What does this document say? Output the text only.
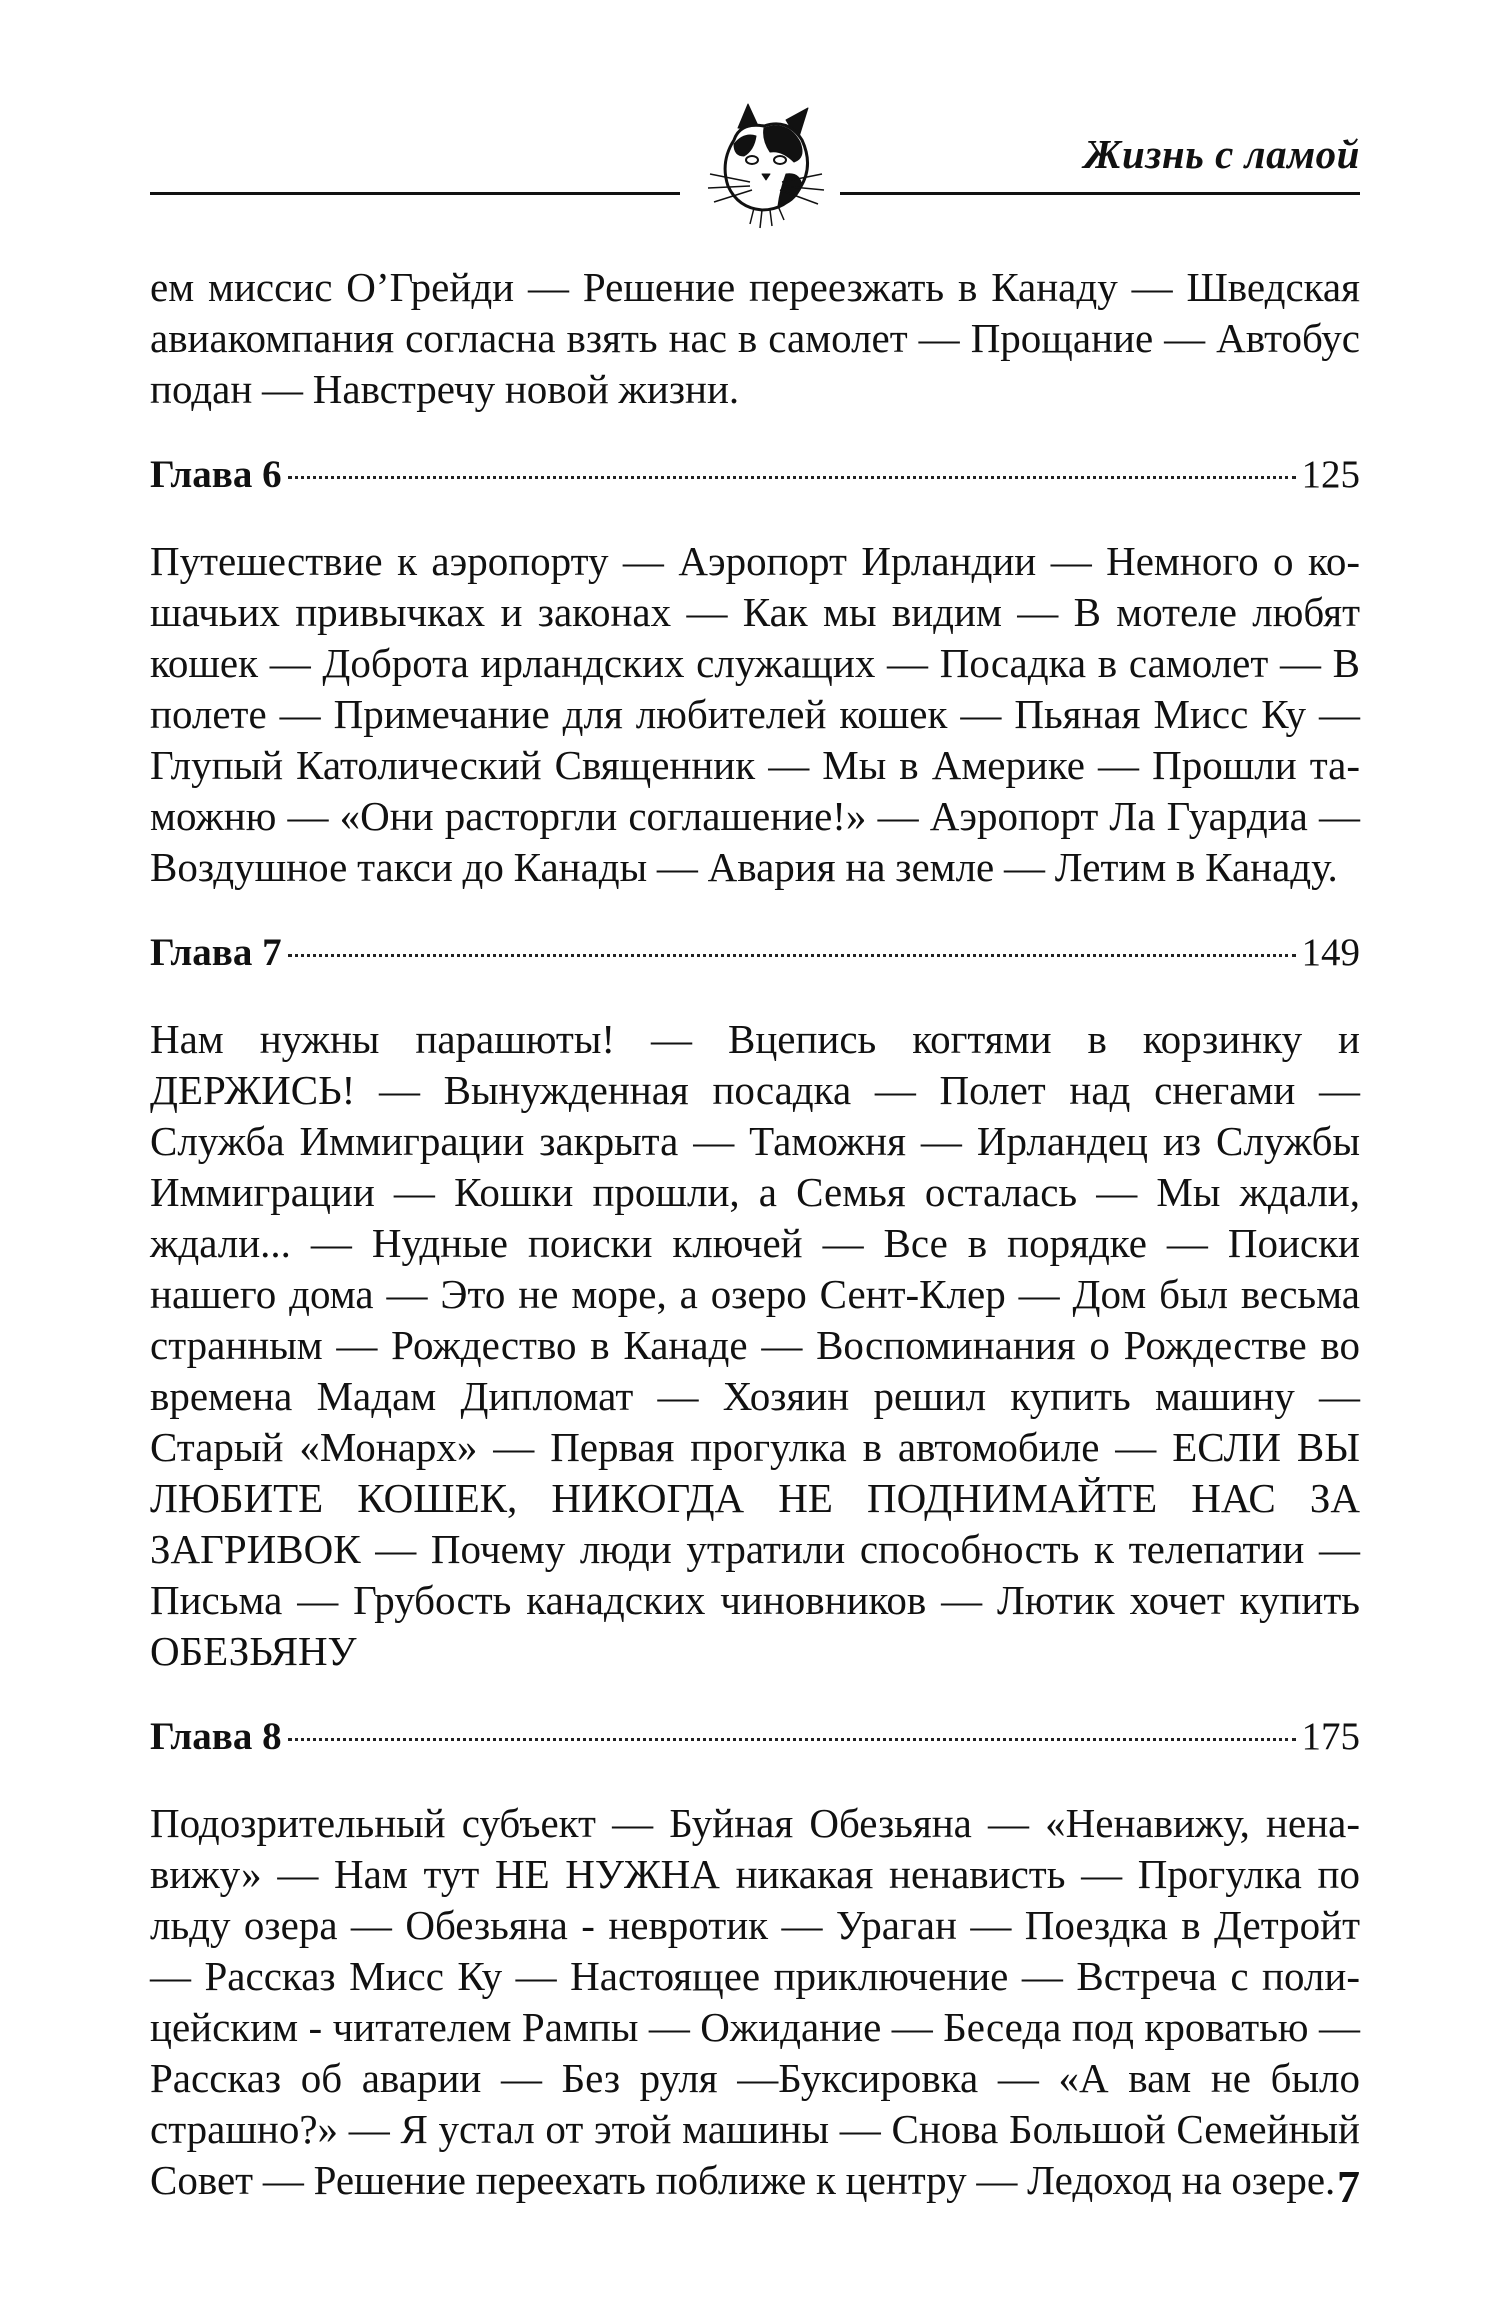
Жизнь с ламой

ем миссис О’Грейди — Решение переезжать в Канаду — Шведская авиакомпания согласна взять нас в самолет — Прощание — Автобус подан — Навстречу новой жизни.

Глава 6	125

Путешествие к аэропорту — Аэропорт Ирландии — Немного о кошачьих привычках и законах — Как мы видим — В мотеле любят кошек — Доброта ирландских служащих — Посадка в самолет — В полете — Примечание для любителей кошек — Пьяная Мисс Ку — Глупый Католический Священник — Мы в Америке — Прошли таможню — «Они расторгли соглашение!» — Аэропорт Ла Гуардиа — Воздушное такси до Канады — Авария на земле — Летим в Канаду.

Глава 7	149

Нам нужны парашюты! — Вцепись когтями в корзинку и ДЕРЖИСЬ! — Вынужденная посадка — Полет над снегами — Служба Иммиграции закрыта — Таможня — Ирландец из Службы Иммиграции — Кошки прошли, а Семья осталась — Мы ждали, ждали... — Нудные поиски ключей — Все в порядке — Поиски нашего дома — Это не море, а озеро Сент-Клер — Дом был весьма странным — Рождество в Канаде — Воспоминания о Рождестве во времена Мадам Дипломат — Хозяин решил купить машину — Старый «Монарх» — Первая прогулка в автомобиле — ЕСЛИ ВЫ ЛЮБИТЕ КОШЕК, НИКОГДА НЕ ПОДНИМАЙТЕ НАС ЗА ЗАГРИВОК — Почему люди утратили способность к телепатии — Письма — Грубость канадских чиновников — Лютик хочет купить ОБЕЗЬЯНУ

Глава 8	175

Подозрительный субъект — Буйная Обезьяна — «Ненавижу, ненавижу» — Нам тут НЕ НУЖНА никакая ненависть — Прогулка по льду озера — Обезьяна - невротик — Ураган — Поездка в Детройт — Рассказ Мисс Ку — Настоящее приключение — Встреча с полицейским - читателем Рампы — Ожидание — Беседа под кроватью — Рассказ об аварии — Без руля —Буксировка — «А вам не было страшно?» — Я устал от этой машины — Снова Большой Семейный Совет — Решение переехать поближе к центру — Ледоход на озере. 7
